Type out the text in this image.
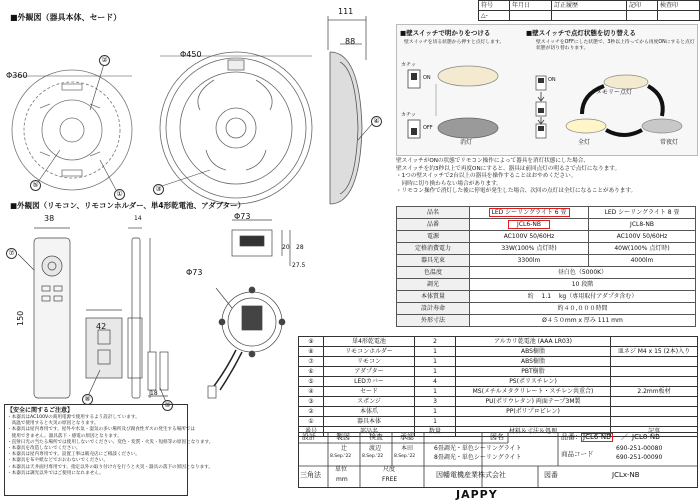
符号	年月日	訂正履歴	記印	検査印
△-				
■外観図（器具本体、セード）
Φ360
Φ450
111
88
②
⑤
①
③
④
■壁スイッチで明かりをつける
壁スイッチを切る状態から押すと点灯します。
■壁スイッチで点灯状態を切り替える
壁スイッチをOFFにした状態で、3秒以上待ってから再度ONにすると点灯状態が切り替わります。
カチッ
ON
カチッ
OFF
消灯
ON
メモリー点灯
全灯	常夜灯
壁スイッチがONの状態でリモコン操作によって器具を消灯状態にした場合、
壁スイッチを約3秒以上で再度ONにすると、器具は前回点灯の明るさで点灯になります。
・1つの壁スイッチで2台以上の器具を操作することはおやめください。
　同時に切り換わらない場合があります。
・リモコン操作で消灯した後に停電が発生した場合、次回の点灯は全灯になることがあります。
品名	LED シーリングライト 6 畳	LED シーリングライト 8 畳
品番	JCL6-NB	JCL8-NB
電源	AC100V 50/60Hz	AC100V 50/60Hz
定格消費電力	33W(100% 点灯時)	40W(100% 点灯時)
器具光束	3300lm	4000lm
色温度	昼白色（5000K）	
調光	10 段階	
本体質量	約　 1.1　 kg（専用取付アダプタ含む）	
設計寿命	約４０,０００時間	
外形寸法	Ø４５０mm x 厚み 111 mm	
■外観図（リモコン、リモコンホルダー、単4形乾電池、アダプター）
38	14
150
42
18
28
20
27.5
Φ73
Φ73
⑦
⑧
⑨
【安全に関するご注意】
・本器具はAC100Vの商用電源で使用するよう設計しています。
　高温で使用すると火災の原因となります。
・本器具は屋内専用です。屋外や水気・湿気の多い場所及び腐食性ガスの発生する場所では
　使用できません。器具落下・感電の原因となります。
・直射日光の当たる場所では使用しないでください。変色・変質・火災・短絡等の原因となります。
・本器具を改造しないでください。
・本器具は屋内専用です。設置工事は販売店にご相談ください。
・本器具を布や紙などでおおわないでください。
・本器具は天井面付専用です。指定以外の取り付け方を行うと火災・器具の落下の原因となります。
・本器具は調光以外ではご使用になれません。
⑨	単4形乾電池	2	アルカリ乾電池 (AAA LR03)	
⑧	リモコンホルダー	1	ABS樹脂	皿ネジ M4 x 15 (2本)入り
⑦	リモコン	1	ABS樹脂	
⑥	アダプター	1	PBT樹脂	
⑤	LEDカバー	4	PS(ポリスチレン)	
④	セード	1	MS(メチルメタクリレート・スチレン共重合)	2.2mm板材
③	スポンジ	3	PU(ポリウレタン) 両面テープ3M製	
②	本体爪	1	PP(ポリプロピレン)	
①	器具本体	1		
番号	部品名	数量	材料＆寸法＆処理	記事
設計	製図	検査 承認
辻	渡辺	本田
8.Sep.'22 8.Sep.'22 8.Sep.'22
図名
6畳調光・単色シーリングライト
8畳調光・単色シーリングライト
品番： JCL6-NB ／ JCL8-NB
商品コード
690-251-00080
690-251-00090
三角法
単位
mm
尺度
FREE
因幡電機産業株式会社	図番	JCLx-NB
JAPPY
